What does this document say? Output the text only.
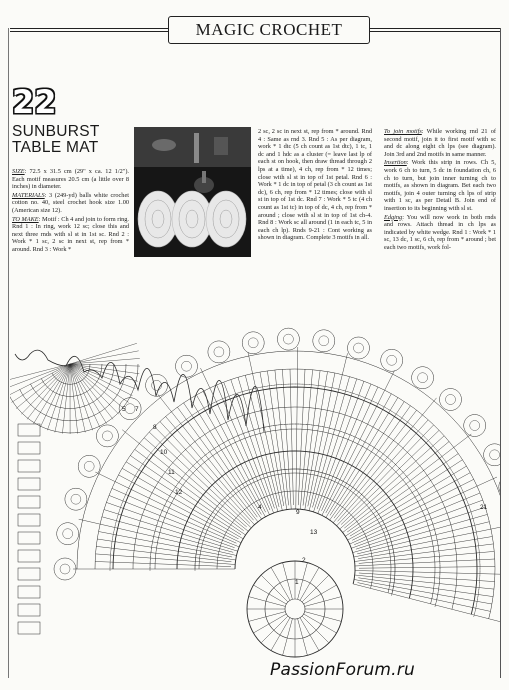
MAGIC CROCHET
22
SUNBURST TABLE MAT

SIZE: 72.5 x 31.5 cm (29" x ca. 12 1/2"). Each motif measures 20.5 cm (a little over 8 inches) in diameter.

MATERIALS: 3 (249-yd) balls white crochet cotton no. 40, steel crochet hook size 1.00 (American size 12).

TO MAKE: Motif : Ch 4 and join to form ring. Rnd 1 : In ring, work 12 sc; close this and next three rnds with sl st in 1st sc. Rnd 2 : Work * 1 sc, 2 sc in next st, rep from * around. Rnd 3 : Work *

2 sc, 2 sc in next st, rep from * around. Rnd 4 : Same as rnd 3. Rnd 5 : As per diagram, work * 1 dtc (5 ch count as 1st dtc), 1 tc, 1 dc and 1 hdc as a cluster (= leave last lp of each st on hook, then draw thread through 2 lps at a time), 4 ch, rep from * 12 times; close with sl st in top of 1st petal. Rnd 6 : Work * 1 dc in top of petal (3 ch count as 1st dc), 6 ch, rep from * 12 times; close with sl st in top of 1st dc. Rnd 7 : Work * 5 tc (4 ch count as 1st tc) in top of dc, 4 ch, rep from * around ; close with sl st in top of 1st ch-4. Rnd 8 : Work sc all around (1 in each tc, 5 in each ch lp). Rnds 9-21 : Cont working as shown in diagram. Complete 3 motifs in all.

To join motifs: While working rnd 21 of second motif, join it to first motif with sc and dc along eight ch lps (see diagram). Join 3rd and 2nd motifs in same manner.

Insertion: Work this strip in rows. Ch 5, work 6 ch to turn, 5 dc in foundation ch, 6 ch to turn, but join inner turning ch to motifs, as shown in diagram. Bet each two motifs, join 4 outer turning ch lps of strip with 1 sc, as per Detail B. Join end of insertion to its beginning with sl st.

Edging: You will now work in both rnds and rows. Attach thread in ch lps as indicated by white wedge. Rnd 1 : Work * 1 sc, 13 dc, 1 sc, 6 ch, rep from * around ; bet each two motifs, work fol-

5 7
8
10
11
12
4
9
21
13
2
1
PassionForum.ru
